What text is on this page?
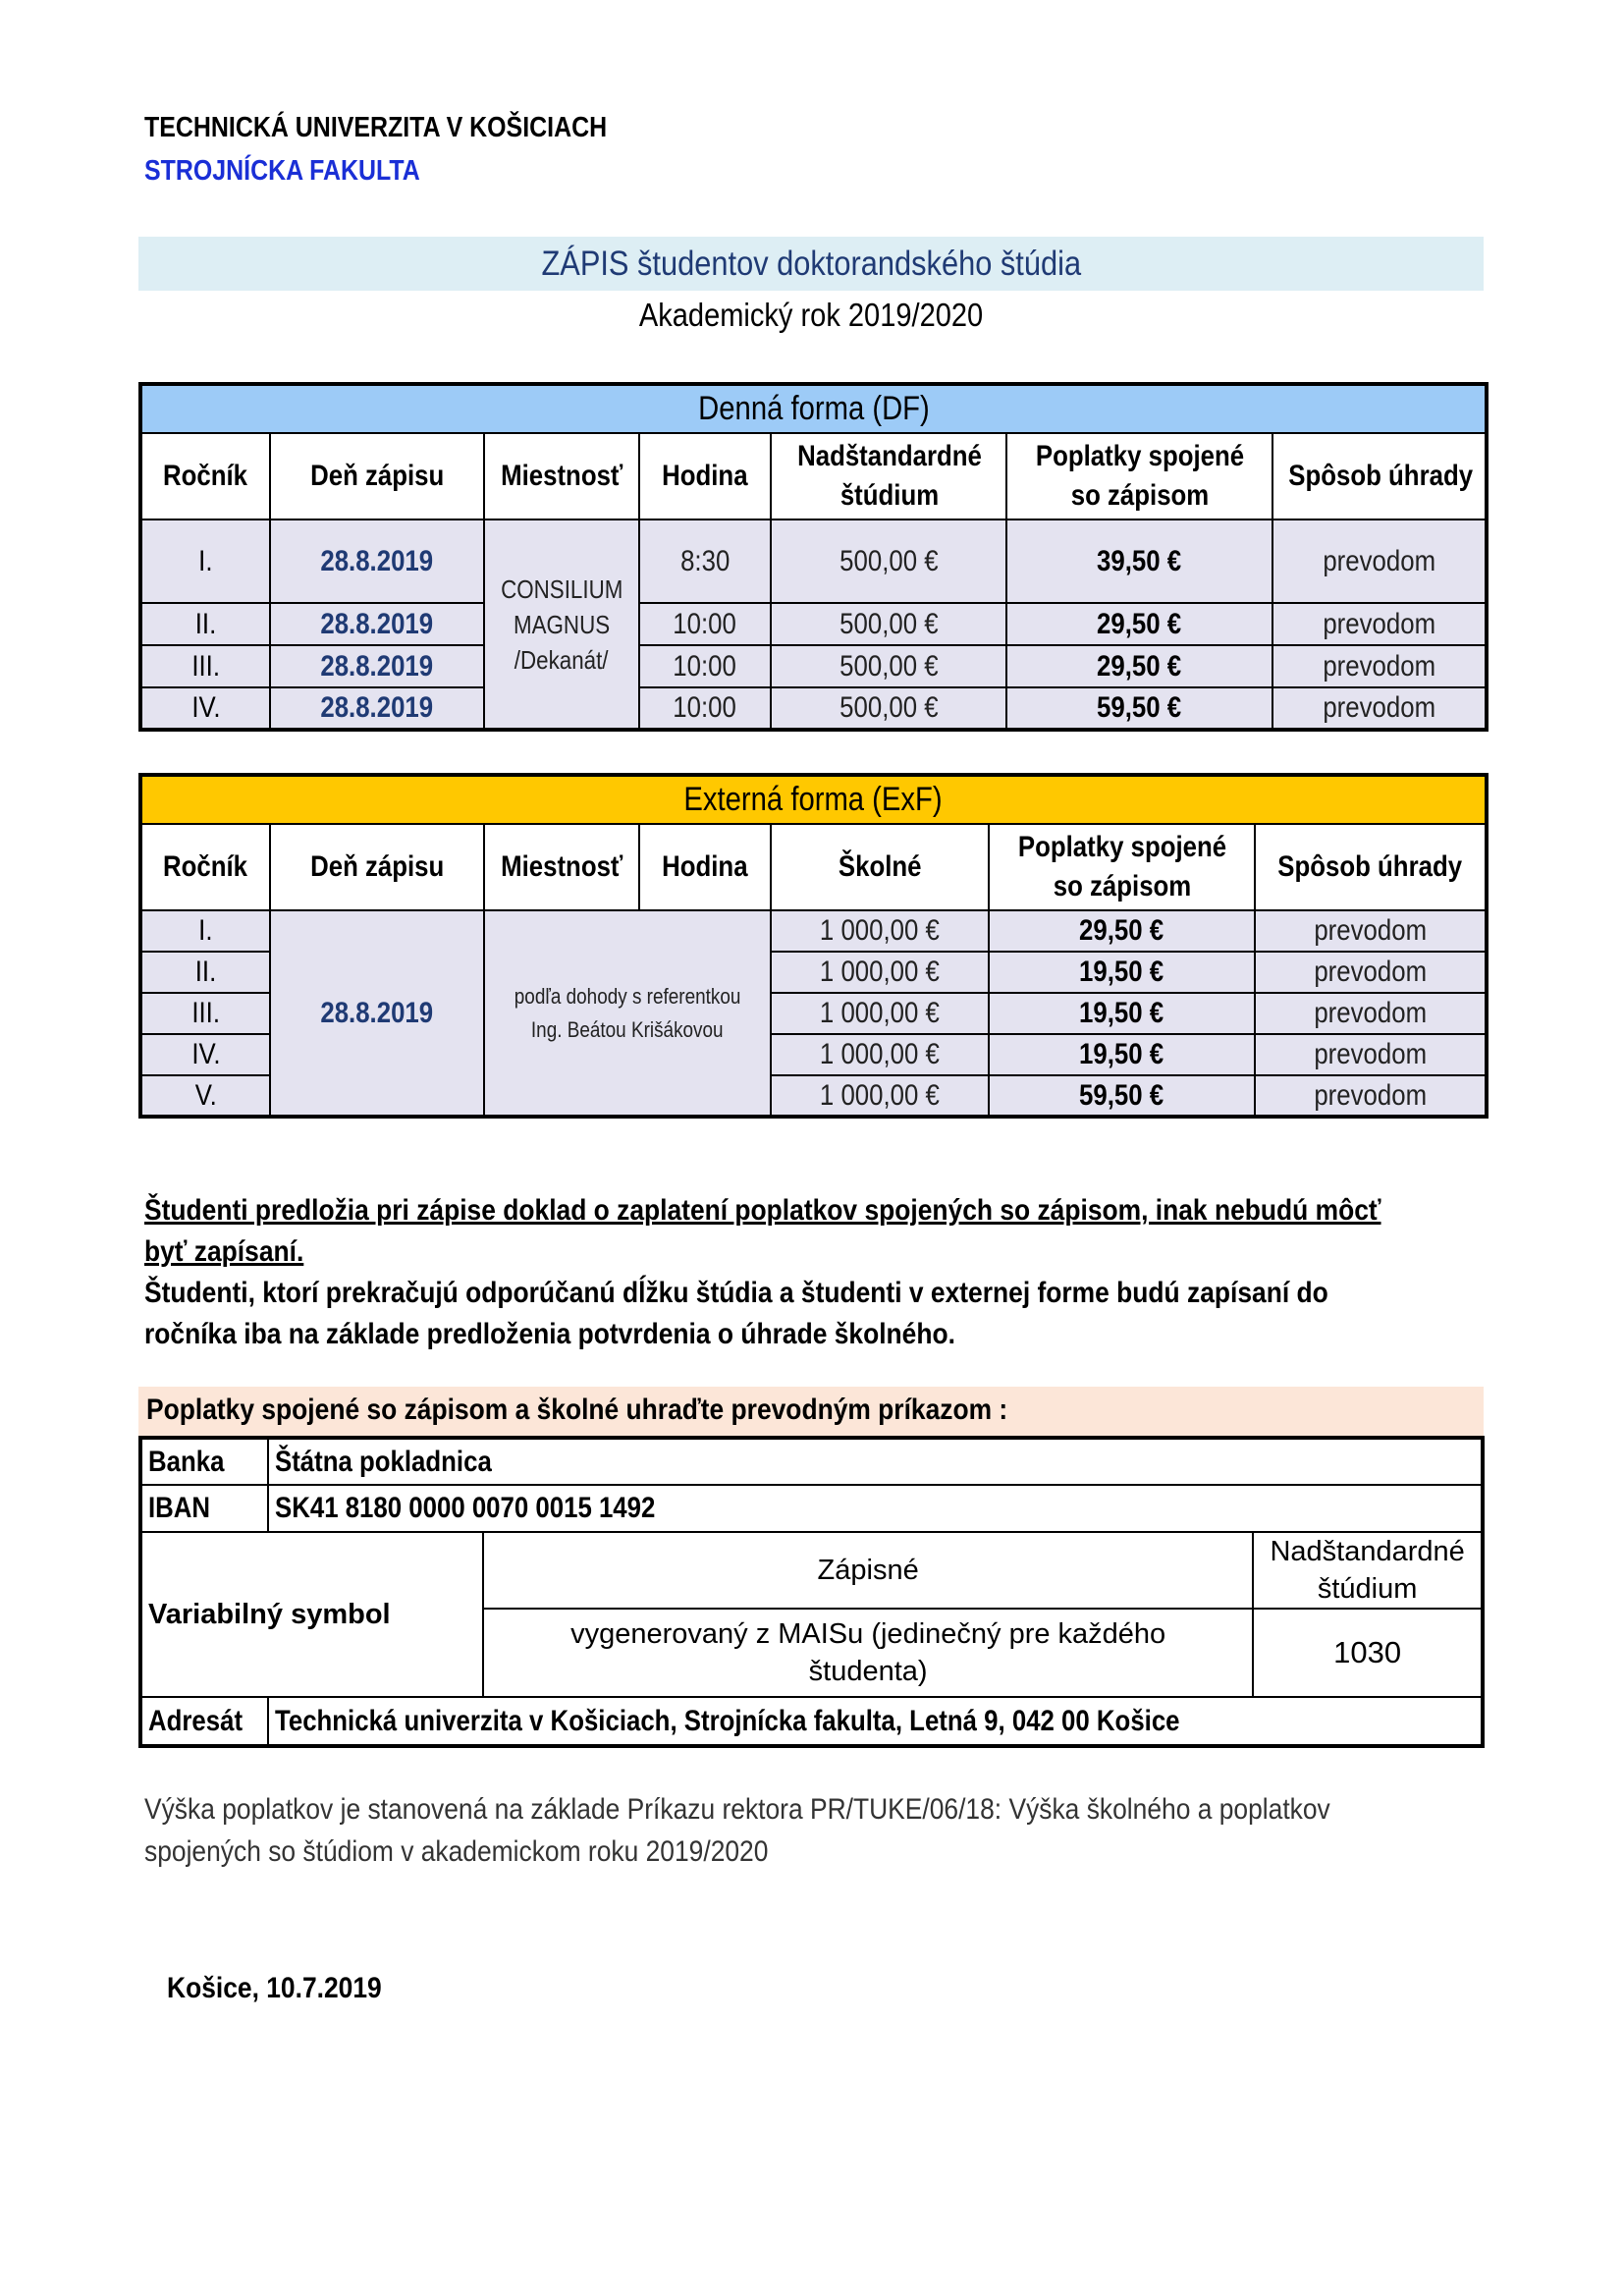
TECHNICKÁ UNIVERZITA V KOŠICIACH
STROJNÍCKA FAKULTA
ZÁPIS študentov doktorandského štúdia
Akademický rok 2019/2020
Denná forma (DF)						
Ročník	Deň zápisu	Miestnosť	Hodina	Nadštandardné štúdium	Poplatky spojené so zápisom	Spôsob úhrady
I.	28.8.2019	CONSILIUM
MAGNUS
/Dekanát/	8:30	500,00 €	39,50 €	prevodom
II.	28.8.2019		10:00	500,00 €	29,50 €	prevodom
III.	28.8.2019		10:00	500,00 €	29,50 €	prevodom
IV.	28.8.2019		10:00	500,00 €	59,50 €	prevodom
Externá forma (ExF)						
Ročník	Deň zápisu	Miestnosť	Hodina	Školné	Poplatky spojené so zápisom	Spôsob úhrady
I.	28.8.2019	podľa dohody s referentkou
Ing. Beátou Krišákovou		1 000,00 €	29,50 €	prevodom
II.				1 000,00 €	19,50 €	prevodom
III.				1 000,00 €	19,50 €	prevodom
IV.				1 000,00 €	19,50 €	prevodom
V.				1 000,00 €	59,50 €	prevodom
Študenti predložia pri zápise doklad o zaplatení poplatkov spojených so zápisom, inak nebudú môcť
byť zapísaní.
Študenti, ktorí prekračujú odporúčanú dĺžku štúdia a študenti v externej forme budú zapísaní do
ročníka iba na základe predloženia potvrdenia o úhrade školného.
Poplatky spojené so zápisom a školné uhraďte prevodným príkazom :
Banka	Štátna pokladnica		
IBAN	SK41 8180 0000 0070 0015 1492		
Variabilný symbol		Zápisné	Nadštandardné
štúdium
		vygenerovaný z MAISu (jedinečný pre každého
študenta)	1030
Adresát	Technická univerzita v Košiciach, Strojnícka fakulta, Letná 9, 042 00 Košice		
Výška poplatkov je stanovená na základe Príkazu rektora PR/TUKE/06/18: Výška školného a poplatkov
spojených so štúdiom v akademickom roku 2019/2020
Košice, 10.7.2019
